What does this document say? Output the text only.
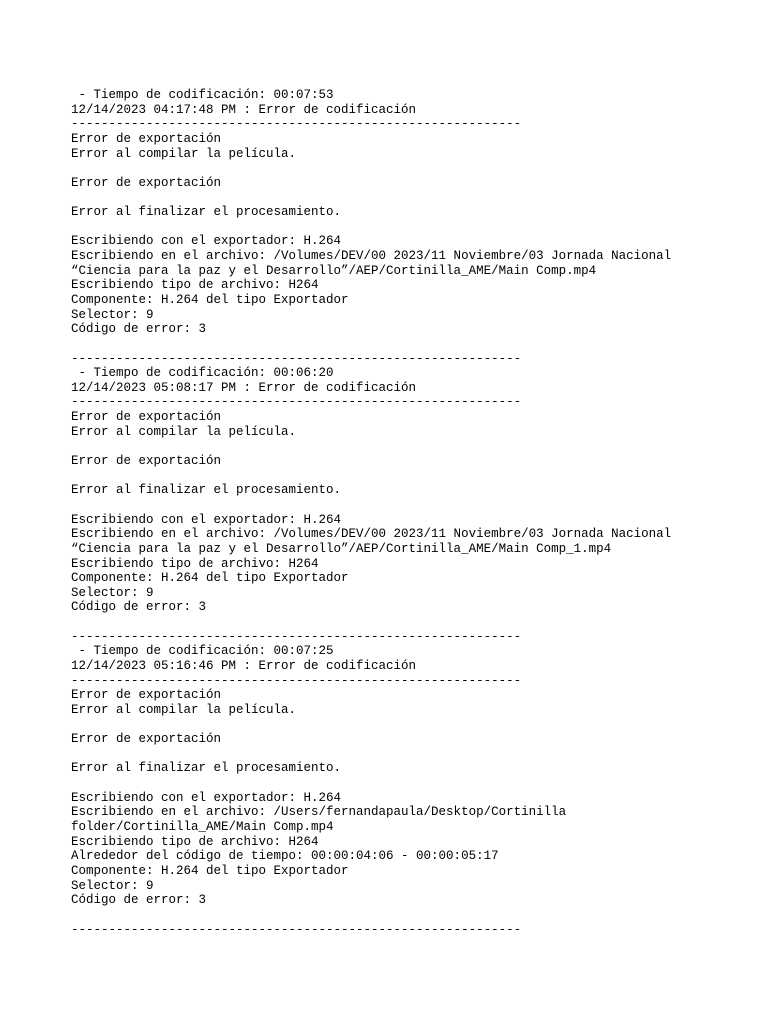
- Tiempo de codificación: 00:07:53
12/14/2023 04:17:48 PM : Error de codificación
------------------------------------------------------------
Error de exportación
Error al compilar la película.
Error de exportación
Error al finalizar el procesamiento.
Escribiendo con el exportador: H.264
Escribiendo en el archivo: /Volumes/DEV/00 2023/11 Noviembre/03 Jornada Nacional
“Ciencia para la paz y el Desarrollo”/AEP/Cortinilla_AME/Main Comp.mp4
Escribiendo tipo de archivo: H264
Componente: H.264 del tipo Exportador
Selector: 9
Código de error: 3
------------------------------------------------------------
- Tiempo de codificación: 00:06:20
12/14/2023 05:08:17 PM : Error de codificación
------------------------------------------------------------
Error de exportación
Error al compilar la película.
Error de exportación
Error al finalizar el procesamiento.
Escribiendo con el exportador: H.264
Escribiendo en el archivo: /Volumes/DEV/00 2023/11 Noviembre/03 Jornada Nacional
“Ciencia para la paz y el Desarrollo”/AEP/Cortinilla_AME/Main Comp_1.mp4
Escribiendo tipo de archivo: H264
Componente: H.264 del tipo Exportador
Selector: 9
Código de error: 3
------------------------------------------------------------
- Tiempo de codificación: 00:07:25
12/14/2023 05:16:46 PM : Error de codificación
------------------------------------------------------------
Error de exportación
Error al compilar la película.
Error de exportación
Error al finalizar el procesamiento.
Escribiendo con el exportador: H.264
Escribiendo en el archivo: /Users/fernandapaula/Desktop/Cortinilla
folder/Cortinilla_AME/Main Comp.mp4
Escribiendo tipo de archivo: H264
Alrededor del código de tiempo: 00:00:04:06 - 00:00:05:17
Componente: H.264 del tipo Exportador
Selector: 9
Código de error: 3
------------------------------------------------------------
